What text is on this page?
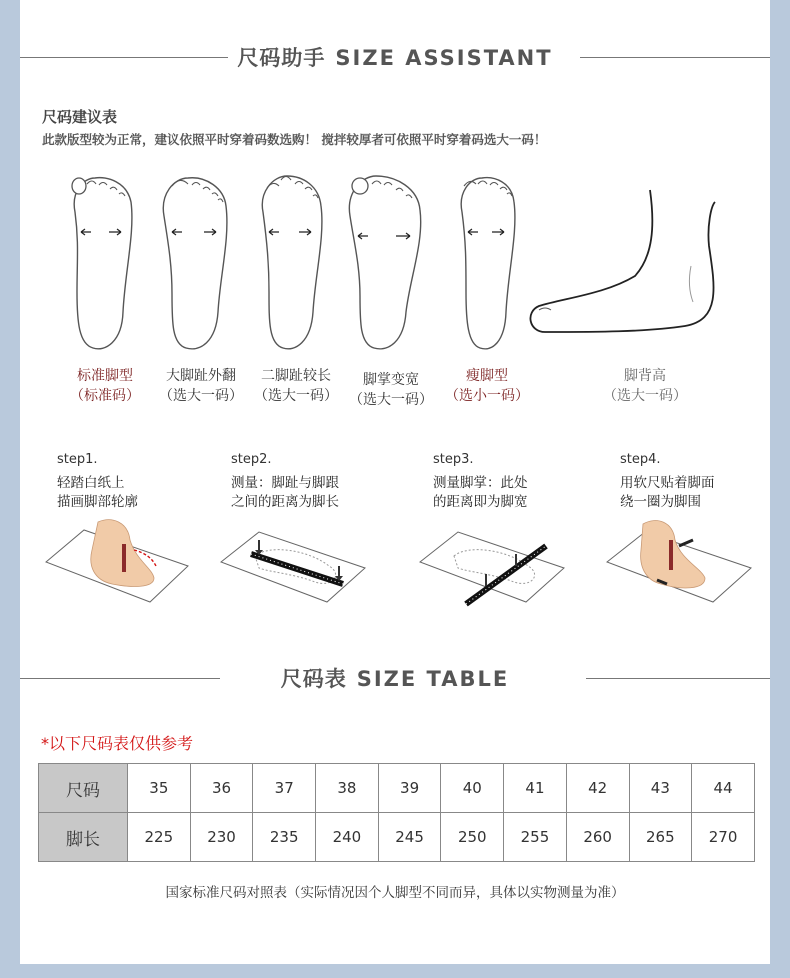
尺码助手 SIZE ASSISTANT
尺码建议表
此款版型较为正常，建议依照平时穿着码数选购！ 搅拌较厚者可依照平时穿着码选大一码！
标准脚型
（标准码）
大脚趾外翻
（选大一码）
二脚趾较长
（选大一码）
脚掌变宽
（选大一码）
瘦脚型
（选小一码）
脚背高
（选大一码）
step1.
轻踏白纸上
描画脚部轮廓
step2.
测量：脚趾与脚跟
之间的距离为脚长
step3.
测量脚掌：此处
的距离即为脚宽
step4.
用软尺贴着脚面
绕一圈为脚围
尺码表 SIZE TABLE
*以下尺码表仅供参考
尺码	35	36	37	38	39	40	41	42	43	44
脚长	225	230	235	240	245	250	255	260	265	270
国家标准尺码对照表（实际情况因个人脚型不同而异，具体以实物测量为准）
